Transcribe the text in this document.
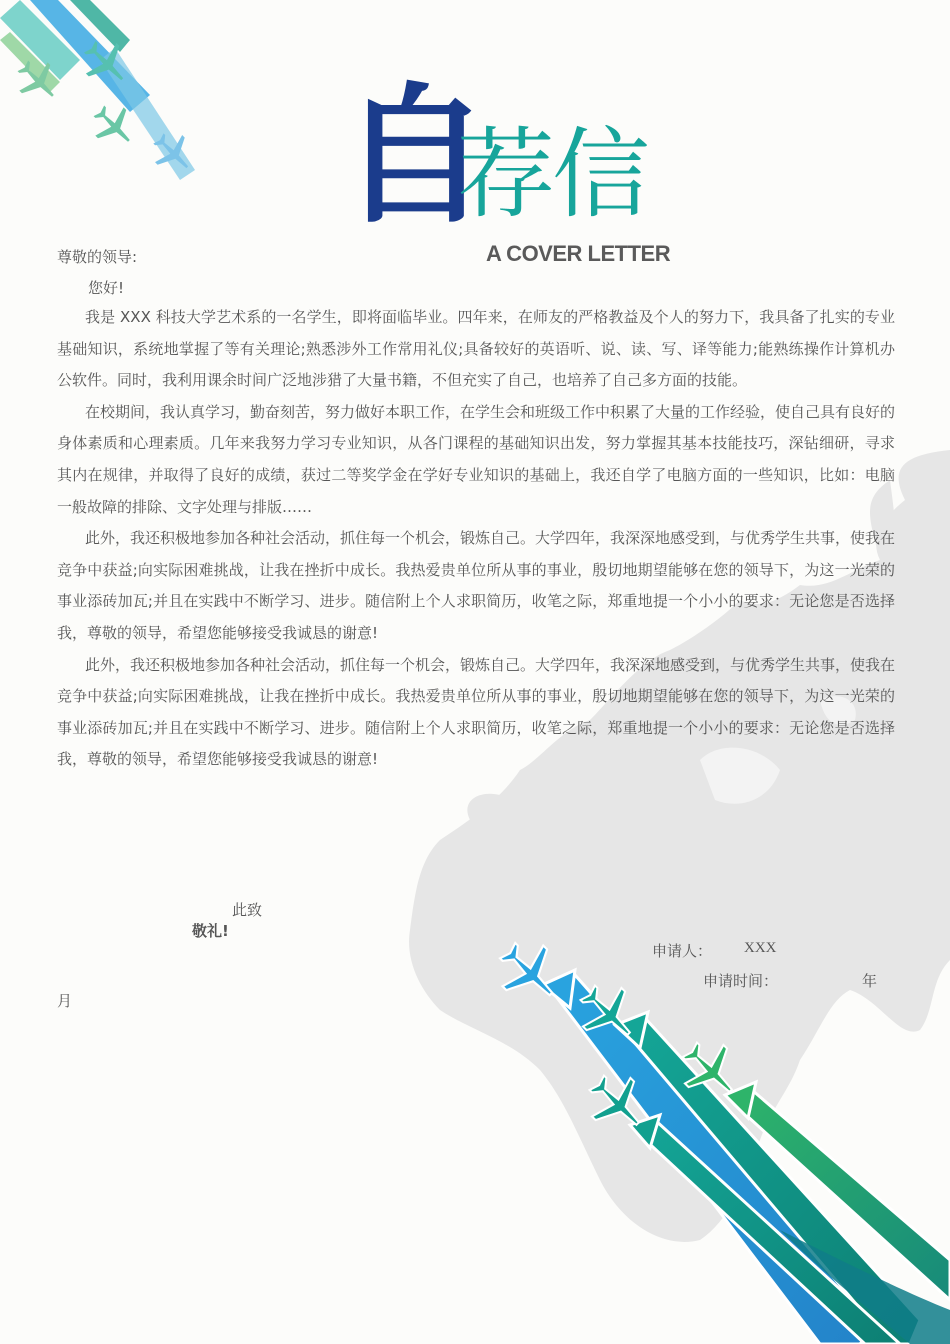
自
荐
信
A COVER LETTER
尊敬的领导:
您好!

我是 XXX 科技大学艺术系的一名学生，即将面临毕业。四年来，在师友的严格教益及个人的努力下，我具备了扎实的专业基础知识，系统地掌握了等有关理论;熟悉涉外工作常用礼仪;具备较好的英语听、说、读、写、译等能力;能熟练操作计算机办公软件。同时，我利用课余时间广泛地涉猎了大量书籍，不但充实了自己，也培养了自己多方面的技能。

在校期间，我认真学习，勤奋刻苦，努力做好本职工作，在学生会和班级工作中积累了大量的工作经验，使自己具有良好的身体素质和心理素质。几年来我努力学习专业知识，从各门课程的基础知识出发，努力掌握其基本技能技巧，深钻细研，寻求其内在规律，并取得了良好的成绩，获过二等奖学金在学好专业知识的基础上，我还自学了电脑方面的一些知识，比如：电脑一般故障的排除、文字处理与排版……

此外，我还积极地参加各种社会活动，抓住每一个机会，锻炼自己。大学四年，我深深地感受到，与优秀学生共事，使我在竞争中获益;向实际困难挑战，让我在挫折中成长。我热爱贵单位所从事的事业，殷切地期望能够在您的领导下，为这一光荣的事业添砖加瓦;并且在实践中不断学习、进步。随信附上个人求职简历，收笔之际，郑重地提一个小小的要求：无论您是否选择我，尊敬的领导，希望您能够接受我诚恳的谢意!

此外，我还积极地参加各种社会活动，抓住每一个机会，锻炼自己。大学四年，我深深地感受到，与优秀学生共事，使我在竞争中获益;向实际困难挑战，让我在挫折中成长。我热爱贵单位所从事的事业，殷切地期望能够在您的领导下，为这一光荣的事业添砖加瓦;并且在实践中不断学习、进步。随信附上个人求职简历，收笔之际，郑重地提一个小小的要求：无论您是否选择我，尊敬的领导，希望您能够接受我诚恳的谢意!

此致
敬礼!
申请人： XXX
申请时间：	年
月
